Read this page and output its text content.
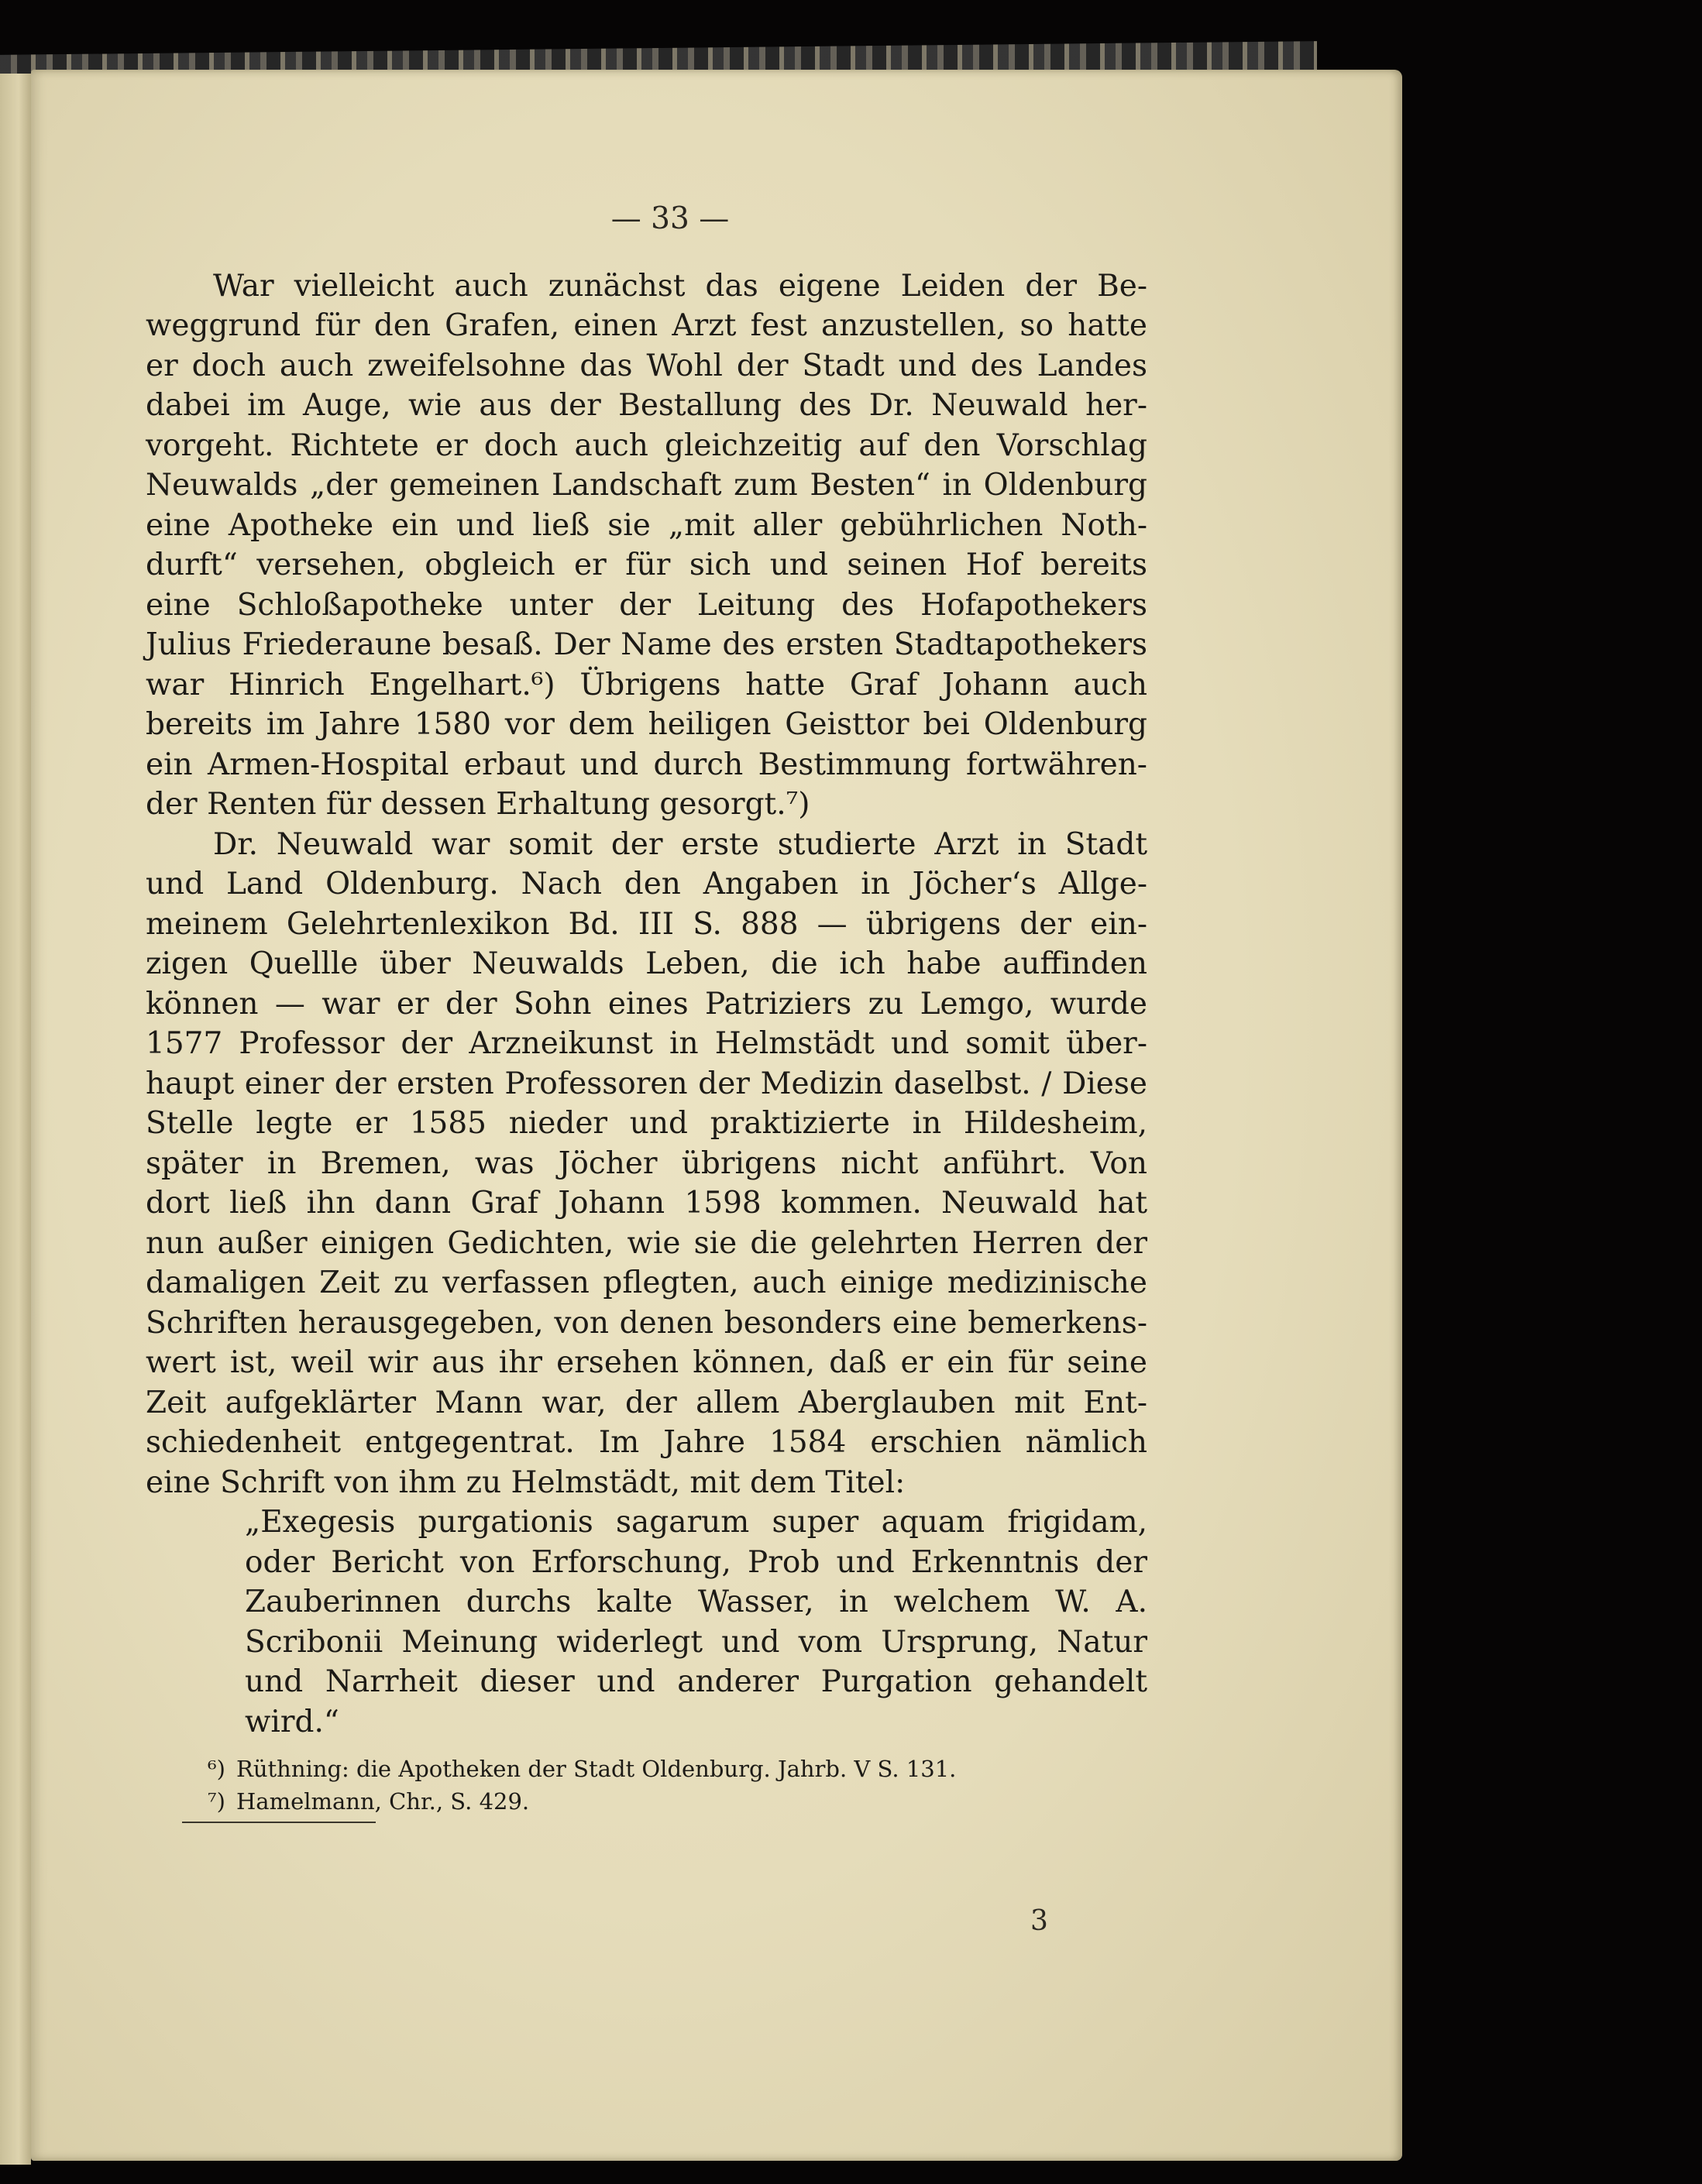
— 33 —

War vielleicht auch zunächst das eigene Leiden der Be-

weggrund für den Grafen, einen Arzt fest anzustellen, so hatte

er doch auch zweifelsohne das Wohl der Stadt und des Landes

dabei im Auge, wie aus der Bestallung des Dr. Neuwald her-

vorgeht. Richtete er doch auch gleichzeitig auf den Vorschlag

Neuwalds „der gemeinen Landschaft zum Besten“ in Oldenburg

eine Apotheke ein und ließ sie „mit aller gebührlichen Noth-

durft“ versehen, obgleich er für sich und seinen Hof bereits

eine Schloßapotheke unter der Leitung des Hofapothekers

Julius Friederaune besaß. Der Name des ersten Stadtapothekers

war Hinrich Engelhart.⁶) Übrigens hatte Graf Johann auch

bereits im Jahre 1580 vor dem heiligen Geisttor bei Oldenburg

ein Armen-Hospital erbaut und durch Bestimmung fortwähren-

der Renten für dessen Erhaltung gesorgt.⁷)

Dr. Neuwald war somit der erste studierte Arzt in Stadt

und Land Oldenburg. Nach den Angaben in Jöcher‘s Allge-

meinem Gelehrtenlexikon Bd. III S. 888 — übrigens der ein-

zigen Quellle über Neuwalds Leben, die ich habe auffinden

können — war er der Sohn eines Patriziers zu Lemgo, wurde

1577 Professor der Arzneikunst in Helmstädt und somit über-

haupt einer der ersten Professoren der Medizin daselbst. / Diese

Stelle legte er 1585 nieder und praktizierte in Hildesheim,

später in Bremen, was Jöcher übrigens nicht anführt. Von

dort ließ ihn dann Graf Johann 1598 kommen. Neuwald hat

nun außer einigen Gedichten, wie sie die gelehrten Herren der

damaligen Zeit zu verfassen pflegten, auch einige medizinische

Schriften herausgegeben, von denen besonders eine bemerkens-

wert ist, weil wir aus ihr ersehen können, daß er ein für seine

Zeit aufgeklärter Mann war, der allem Aberglauben mit Ent-

schiedenheit entgegentrat. Im Jahre 1584 erschien nämlich

eine Schrift von ihm zu Helmstädt, mit dem Titel:

„Exegesis purgationis sagarum super aquam frigidam,

oder Bericht von Erforschung, Prob und Erkenntnis der

Zauberinnen durchs kalte Wasser, in welchem W. A.

Scribonii Meinung widerlegt und vom Ursprung, Natur

und Narrheit dieser und anderer Purgation gehandelt

wird.“

⁶) Rüthning: die Apotheken der Stadt Oldenburg. Jahrb. V S. 131.

⁷) Hamelmann, Chr., S. 429.

3
